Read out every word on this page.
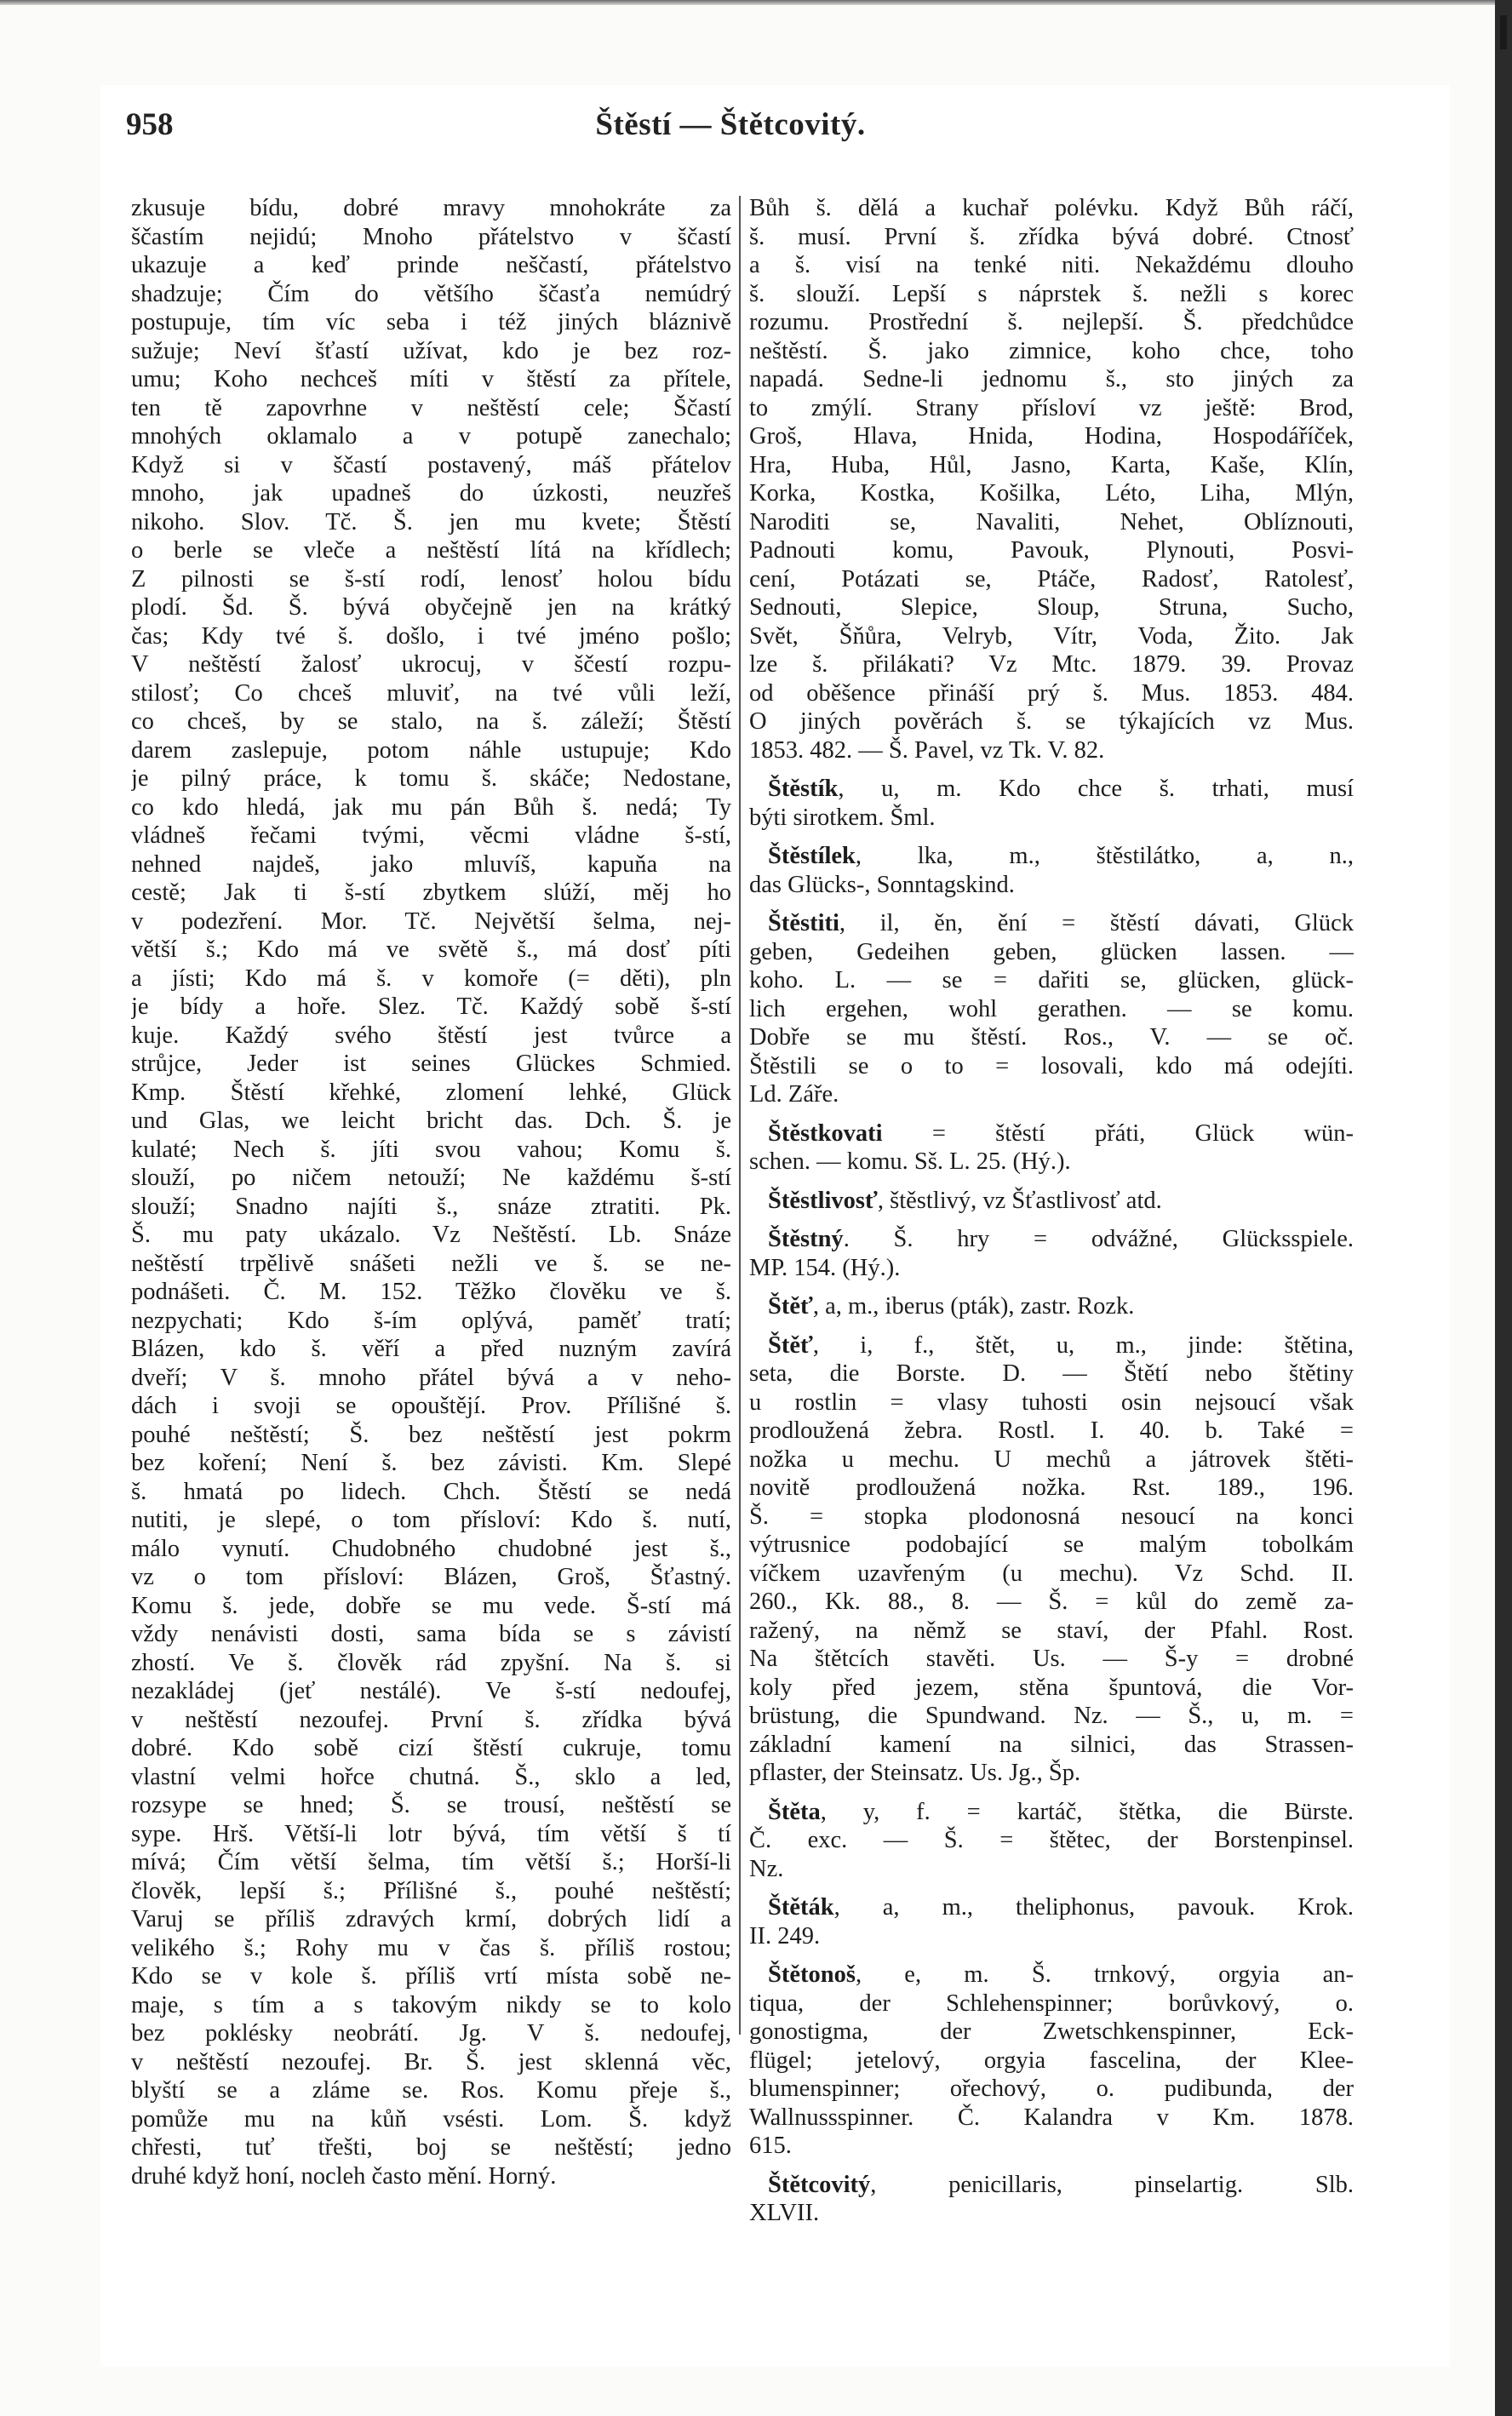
958	Štěstí — Štětcovitý.
zkusuje bídu, dobré mravy mnohokráte za
ščastím nejidú; Mnoho přátelstvo v ščastí
ukazuje a keď prinde neščastí, přátelstvo
shadzuje; Čím do většího ščasťa nemúdrý
postupuje, tím víc seba i též jiných bláznivě
sužuje; Neví šťastí užívat, kdo je bez roz-
umu; Koho nechceš míti v štěstí za přítele,
ten tě zapovrhne v neštěstí cele; Ščastí
mnohých oklamalo a v potupě zanechalo;
Když si v ščastí postavený, máš přátelov
mnoho, jak upadneš do úzkosti, neuzřeš
nikoho. Slov. Tč. Š. jen mu kvete; Štěstí
o berle se vleče a neštěstí lítá na křídlech;
Z pilnosti se š-stí rodí, lenosť holou bídu
plodí. Šd. Š. bývá obyčejně jen na krátký
čas; Kdy tvé š. došlo, i tvé jméno pošlo;
V neštěstí žalosť ukrocuj, v ščestí rozpu-
stilosť; Co chceš mluviť, na tvé vůli leží,
co chceš, by se stalo, na š. záleží; Štěstí
darem zaslepuje, potom náhle ustupuje; Kdo
je pilný práce, k tomu š. skáče; Nedostane,
co kdo hledá, jak mu pán Bůh š. nedá; Ty
vládneš řečami tvými, věcmi vládne š-stí,
nehned najdeš, jako mluvíš, kapuňa na
cestě; Jak ti š-stí zbytkem slúží, měj ho
v podezření. Mor. Tč. Největší šelma, nej-
větší š.; Kdo má ve světě š., má dosť píti
a jísti; Kdo má š. v komoře (= děti), pln
je bídy a hoře. Slez. Tč. Každý sobě š-stí
kuje. Každý svého štěstí jest tvůrce a
strůjce, Jeder ist seines Glückes Schmied.
Kmp. Štěstí křehké, zlomení lehké, Glück
und Glas, we leicht bricht das. Dch. Š. je
kulaté; Nech š. jíti svou vahou; Komu š.
slouží, po ničem netouží; Ne každému š-stí
slouží; Snadno najíti š., snáze ztratiti. Pk.
Š. mu paty ukázalo. Vz Neštěstí. Lb. Snáze
neštěstí trpělivě snášeti nežli ve š. se ne-
podnášeti. Č. M. 152. Těžko člověku ve š.
nezpychati; Kdo š-ím oplývá, paměť tratí;
Blázen, kdo š. věří a před nuzným zavírá
dveří; V š. mnoho přátel bývá a v neho-
dách i svoji se opouštějí. Prov. Přílišné š.
pouhé neštěstí; Š. bez neštěstí jest pokrm
bez koření; Není š. bez závisti. Km. Slepé
š. hmatá po lidech. Chch. Štěstí se nedá
nutiti, je slepé, o tom přísloví: Kdo š. nutí,
málo vynutí. Chudobného chudobné jest š.,
vz o tom přísloví: Blázen, Groš, Šťastný.
Komu š. jede, dobře se mu vede. Š-stí má
vždy nenávisti dosti, sama bída se s závistí
zhostí. Ve š. člověk rád zpyšní. Na š. si
nezakládej (jeť nestálé). Ve š-stí nedoufej,
v neštěstí nezoufej. První š. zřídka bývá
dobré. Kdo sobě cizí štěstí cukruje, tomu
vlastní velmi hořce chutná. Š., sklo a led,
rozsype se hned; Š. se trousí, neštěstí se
sype. Hrš. Větší-li lotr bývá, tím větší š tí
mívá; Čím větší šelma, tím větší š.; Horší-li
člověk, lepší š.; Přílišné š., pouhé neštěstí;
Varuj se příliš zdravých krmí, dobrých lidí a
velikého š.; Rohy mu v čas š. příliš rostou;
Kdo se v kole š. příliš vrtí místa sobě ne-
maje, s tím a s takovým nikdy se to kolo
bez pokléskу neobrátí. Jg. V š. nedoufej,
v neštěstí nezoufej. Br. Š. jest sklenná věc,
blyští se a zláme se. Ros. Komu přeje š.,
pomůže mu na kůň vsésti. Lom. Š. když
chřesti, tuť třešti, boj se neštěstí; jedno
druhé když honí, nocleh často mění. Horný.
Bůh š. dělá a kuchař polévku. Když Bůh ráčí,
š. musí. První š. zřídka bývá dobré. Ctnosť
a š. visí na tenké niti. Nekaždému dlouho
š. slouží. Lepší s náprstek š. nežli s korec
rozumu. Prostřední š. nejlepší. Š. předchůdce
neštěstí. Š. jako zimnice, koho chce, toho
napadá. Sedne-li jednomu š., sto jiných za
to zmýlí. Strany přísloví vz ještě: Brod,
Groš, Hlava, Hnida, Hodina, Hospodáříček,
Hra, Huba, Hůl, Jasno, Karta, Kaše, Klín,
Korka, Kostka, Košilka, Léto, Liha, Mlýn,
Naroditi se, Navaliti, Nehet, Oblíznouti,
Padnouti komu, Pavouk, Plynouti, Posvi-
cení, Potázati se, Ptáče, Radosť, Ratolesť,
Sednouti, Slepice, Sloup, Struna, Sucho,
Svět, Šňůra, Velryb, Vítr, Voda, Žito. Jak
lze š. přilákati? Vz Mtc. 1879. 39. Provaz
od oběšence přináší prý š. Mus. 1853. 484.
O jiných pověrách š. se týkajících vz Mus.
1853. 482. — Š. Pavel, vz Tk. V. 82.
Štěstík, u, m. Kdo chce š. trhati, musí
býti sirotkem. Šml.
Štěstílek, lka, m., štěstilátko, a, n.,
das Glücks-, Sonntagskind.
Štěstiti, il, ěn, ění = štěstí dávati, Glück
geben, Gedeihen geben, glücken lassen. —
koho. L. — se = dařiti se, glücken, glück-
lich ergehen, wohl gerathen. — se komu.
Dobře se mu štěstí. Ros., V. — se oč.
Štěstili se o to = losovali, kdo má odejíti.
Ld. Záře.
Štěstkovati = štěstí přáti, Glück wün-
schen. — komu. Sš. L. 25. (Hý.).
Štěstlivosť, štěstlivý, vz Šťastlivosť atd.
Štěstný. Š. hry = odvážné, Glücksspiele.
MP. 154. (Hý.).
Štěť, a, m., iberus (pták), zastr. Rozk.
Štěť, i, f., štět, u, m., jinde: štětina,
seta, die Borste. D. — Štětí nebo štětiny
u rostlin = vlasy tuhosti osin nejsoucí však
prodloužená žebra. Rostl. I. 40. b. Také =
nožka u mechu. U mechů a játrovek štěti-
novitě prodloužená nožka. Rst. 189., 196.
Š. = stopka plodonosná nesoucí na konci
výtrusnice podobající se malým tobolkám
víčkem uzavřeným (u mechu). Vz Schd. II.
260., Kk. 88., 8. — Š. = kůl do země za-
ražený, na němž se staví, der Pfahl. Rost.
Na štětcích stavěti. Us. — Š-y = drobné
koly před jezem, stěna špuntová, die Vor-
brüstung, die Spundwand. Nz. — Š., u, m. =
základní kamení na silnici, das Strassen-
pflaster, der Steinsatz. Us. Jg., Šp.
Štěta, y, f. = kartáč, štětka, die Bürste.
Č. exc. — Š. = štětec, der Borstenpinsel.
Nz.
Štěták, a, m., theliphonus, pavouk. Krok.
II. 249.
Štětonoš, e, m. Š. trnkový, orgyia an-
tiqua, der Schlehenspinner; borůvkový, o.
gonostigma, der Zwetschkenspinner, Eck-
flügel; jetelový, orgyia fascelina, der Klee-
blumenspinner; ořechový, o. pudibunda, der
Wallnussspinner. Č. Kalandra v Km. 1878.
615.
Štětcovitý, penicillaris, pinselartig. Slb.
XLVII.
